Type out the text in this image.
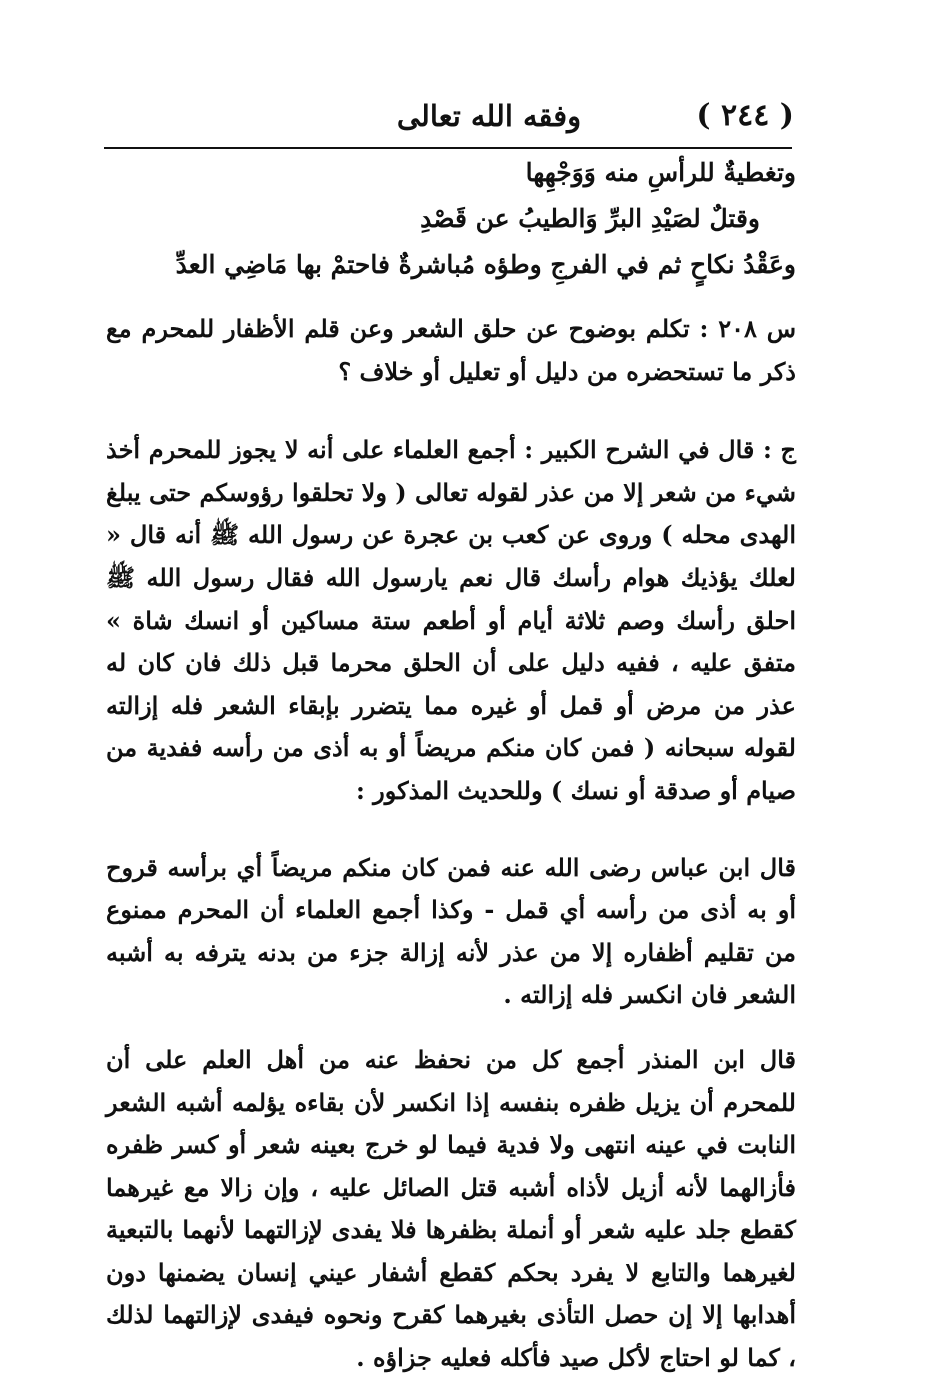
( ٢٤٤ )
وفقه الله تعالى

وتغطيةٌ للرأسِ منه وَوَجْهِها

وقتلٌ لصَيْدِ البرِّ وَالطيبُ عن قَصْدِ

وعَقْدُ نكاحٍ ثم في الفرجِ وطؤه مُباشرةٌ فاحتمْ بها مَاضِي العدِّ

س ٢٠٨ : تكلم بوضوح عن حلق الشعر وعن قلم الأظفار للمحرم مع ذكر ما تستحضره من دليل أو تعليل أو خلاف ؟

ج : قال في الشرح الكبير : أجمع العلماء على أنه لا يجوز للمحرم أخذ شيء من شعر إلا من عذر لقوله تعالى ( ولا تحلقوا رؤوسكم حتى يبلغ الهدى محله ) وروى عن كعب بن عجرة عن رسول الله ﷺ أنه قال « لعلك يؤذيك هوام رأسك قال نعم يارسول الله فقال رسول الله ﷺ احلق رأسك وصم ثلاثة أيام أو أطعم ستة مساكين أو انسك شاة » متفق عليه ، ففيه دليل على أن الحلق محرما قبل ذلك فان كان له عذر من مرض أو قمل أو غيره مما يتضرر بإبقاء الشعر فله إزالته لقوله سبحانه ( فمن كان منكم مريضاً أو به أذى من رأسه ففدية من صيام أو صدقة أو نسك ) وللحديث المذكور :

قال ابن عباس رضى الله عنه فمن كان منكم مريضاً أي برأسه قروح أو به أذى من رأسه أي قمل - وكذا أجمع العلماء أن المحرم ممنوع من تقليم أظفاره إلا من عذر لأنه إزالة جزء من بدنه يترفه به أشبه الشعر فان انكسر فله إزالته .

قال ابن المنذر أجمع كل من نحفظ عنه من أهل العلم على أن للمحرم أن يزيل ظفره بنفسه إذا انكسر لأن بقاءه يؤلمه أشبه الشعر النابت في عينه انتهى ولا فدية فيما لو خرج بعينه شعر أو كسر ظفره فأزالهما لأنه أزيل لأذاه أشبه قتل الصائل عليه ، وإن زالا مع غيرهما كقطع جلد عليه شعر أو أنملة بظفرها فلا يفدى لإزالتهما لأنهما بالتبعية لغيرهما والتابع لا يفرد بحكم كقطع أشفار عيني إنسان يضمنها دون أهدابها إلا إن حصل التأذى بغيرهما كقرح ونحوه فيفدى لإزالتهما لذلك ، كما لو احتاج لأكل صيد فأكله فعليه جزاؤه .
